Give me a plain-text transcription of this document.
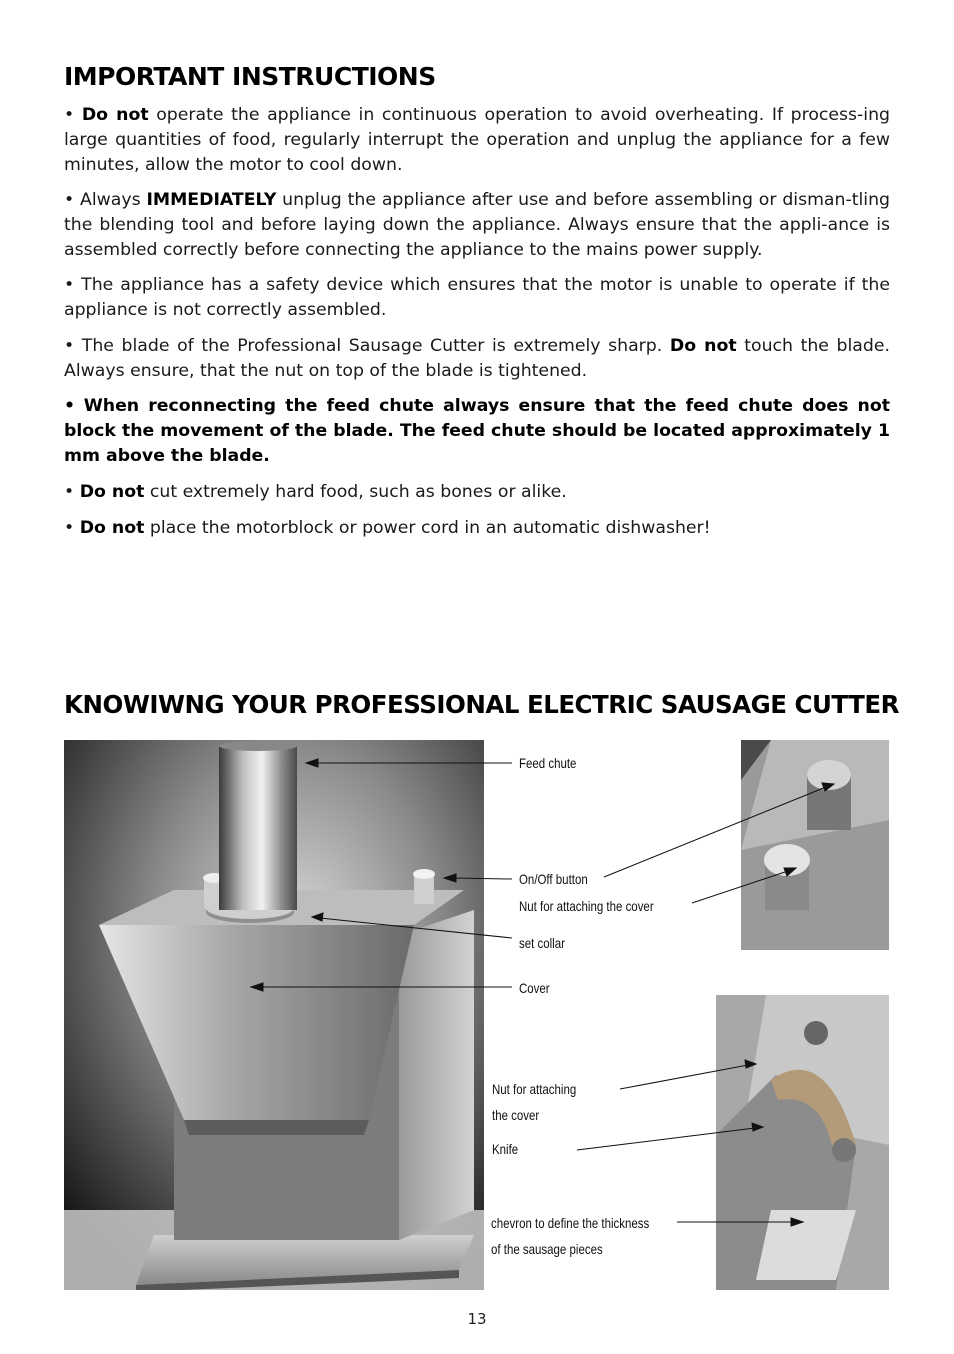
IMPORTANT INSTRUCTIONS

• Do not operate the appliance in continuous operation to avoid overheating. If process-ing large quantities of food, regularly interrupt the operation and unplug the appliance for a few minutes, allow the motor to cool down.

• Always IMMEDIATELY unplug the appliance after use and before assembling or disman-tling the blending tool and before laying down the appliance. Always ensure that the appli-ance is assembled correctly before connecting the appliance to the mains power supply.

• The appliance has a safety device which ensures that the motor is unable to operate if the appliance is not correctly assembled.

• The blade of the Professional Sausage Cutter is extremely sharp. Do not touch the blade. Always ensure, that the nut on top of the blade is tightened.

• When reconnecting the feed chute always ensure that the feed chute does not block the movement of the blade. The feed chute should be located approximately 1 mm above the blade.

• Do not cut extremely hard food, such as bones or alike.

• Do not place the motorblock or power cord in an automatic dishwasher!

KNOWIWNG YOUR PROFESSIONAL ELECTRIC SAUSAGE CUTTER
Feed chute
On/Off button
Nut for attaching the cover
set collar
Cover
Nut for attaching
the cover
Knife
chevron to define the thickness
of the sausage pieces
13
